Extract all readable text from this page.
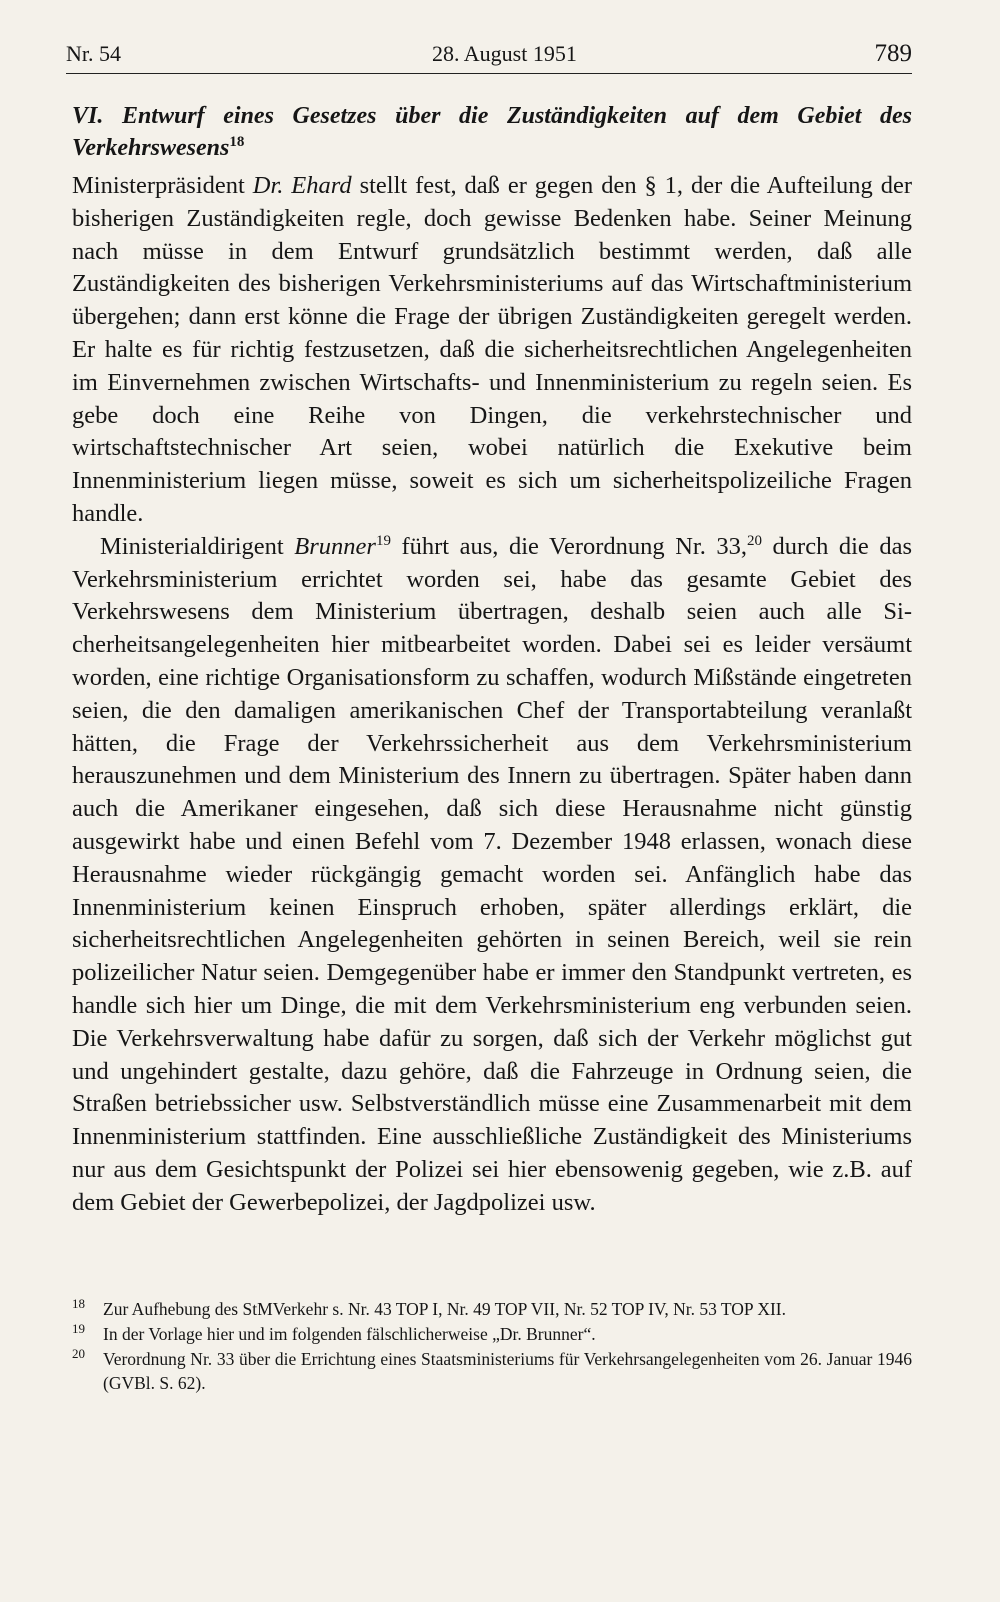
Nr. 54	28. August 1951	789
VI. Entwurf eines Gesetzes über die Zuständigkeiten auf dem Gebiet des Verkehrswesens$^{18}$

Ministerpräsident Dr. Ehard stellt fest, daß er gegen den § 1, der die Aufteilung der bisherigen Zuständigkeiten regle, doch gewisse Bedenken habe. Seiner Meinung nach müsse in dem Entwurf grundsätzlich bestimmt werden, daß alle Zuständigkeiten des bisherigen Verkehrsministeriums auf das Wirtschaftministerium übergehen; dann erst könne die Frage der übrigen Zuständigkeiten geregelt werden. Er halte es für richtig festzusetzen, daß die sicherheitsrechtlichen Angelegenheiten im Einvernehmen zwischen Wirtschafts- und Innenministerium zu regeln seien. Es gebe doch eine Reihe von Dingen, die verkehrstechnischer und wirtschaftstechnischer Art seien, wobei natürlich die Exekutive beim Innenministerium liegen müsse, soweit es sich um sicherheitspolizeiliche Fragen handle.

Ministerialdirigent Brunner$^{19}$ führt aus, die Verordnung Nr. 33,20 durch die das Verkehrsministerium errichtet worden sei, habe das gesamte Gebiet des Verkehrswesens dem Ministerium übertragen, deshalb seien auch alle Sicherheitsangelegenheiten hier mitbearbeitet worden. Dabei sei es leider versäumt worden, eine richtige Organisationsform zu schaffen, wodurch Mißstände eingetreten seien, die den damaligen amerikanischen Chef der Transportabteilung veranlaßt hätten, die Frage der Verkehrssicherheit aus dem Verkehrsministerium herauszunehmen und dem Ministerium des Innern zu übertragen. Später haben dann auch die Amerikaner eingesehen, daß sich diese Herausnahme nicht günstig ausgewirkt habe und einen Befehl vom 7. Dezember 1948 erlassen, wonach diese Herausnahme wieder rückgängig gemacht worden sei. Anfänglich habe das Innenministerium keinen Einspruch erhoben, später allerdings erklärt, die sicherheitsrechtlichen Angelegenheiten gehörten in seinen Bereich, weil sie rein polizeilicher Natur seien. Demgegenüber habe er immer den Standpunkt vertreten, es handle sich hier um Dinge, die mit dem Verkehrsministerium eng verbunden seien. Die Verkehrsverwaltung habe dafür zu sorgen, daß sich der Verkehr möglichst gut und ungehindert gestalte, dazu gehöre, daß die Fahrzeuge in Ordnung seien, die Straßen betriebssicher usw. Selbstverständlich müsse eine Zusammenarbeit mit dem Innenministerium stattfinden. Eine ausschließliche Zuständigkeit des Ministeriums nur aus dem Gesichtspunkt der Polizei sei hier ebensowenig gegeben, wie z.B. auf dem Gebiet der Gewerbepolizei, der Jagdpolizei usw.

18 Zur Aufhebung des StMVerkehr s. Nr. 43 TOP I, Nr. 49 TOP VII, Nr. 52 TOP IV, Nr. 53 TOP XII.
19 In der Vorlage hier und im folgenden fälschlicherweise „Dr. Brunner“.
20 Verordnung Nr. 33 über die Errichtung eines Staatsministeriums für Verkehrsangelegenheiten vom 26. Januar 1946 (GVBl. S. 62).
